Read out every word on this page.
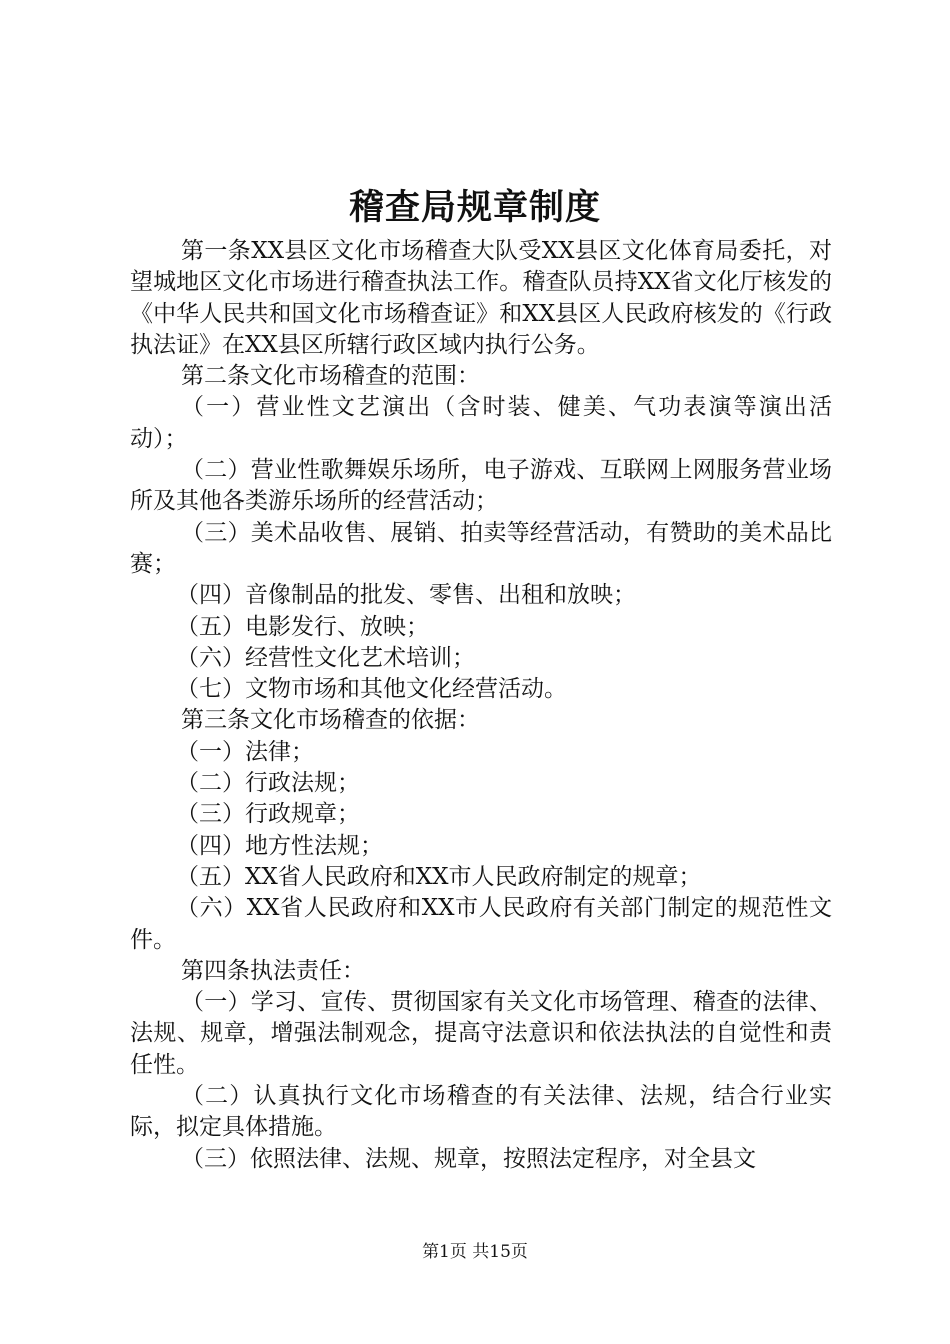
稽查局规章制度

第一条XX县区文化市场稽查大队受XX县区文化体育局委托，对望城地区文化市场进行稽查执法工作。稽查队员持XX省文化厅核发的《中华人民共和国文化市场稽查证》和XX县区人民政府核发的《行政执法证》在XX县区所辖行政区域内执行公务。

第二条文化市场稽查的范围：

（一）营业性文艺演出（含时装、健美、气功表演等演出活动）；

（二）营业性歌舞娱乐场所，电子游戏、互联网上网服务营业场所及其他各类游乐场所的经营活动；

（三）美术品收售、展销、拍卖等经营活动，有赞助的美术品比赛；

（四）音像制品的批发、零售、出租和放映；

（五）电影发行、放映；

（六）经营性文化艺术培训；

（七）文物市场和其他文化经营活动。

第三条文化市场稽查的依据：

（一）法律；

（二）行政法规；

（三）行政规章；

（四）地方性法规；

（五）XX省人民政府和XX市人民政府制定的规章；

（六）XX省人民政府和XX市人民政府有关部门制定的规范性文件。

第四条执法责任：

（一）学习、宣传、贯彻国家有关文化市场管理、稽查的法律、法规、规章，增强法制观念，提高守法意识和依法执法的自觉性和责任性。

（二）认真执行文化市场稽查的有关法律、法规，结合行业实际，拟定具体措施。

（三）依照法律、法规、规章，按照法定程序，对全县文

第1页 共15页
